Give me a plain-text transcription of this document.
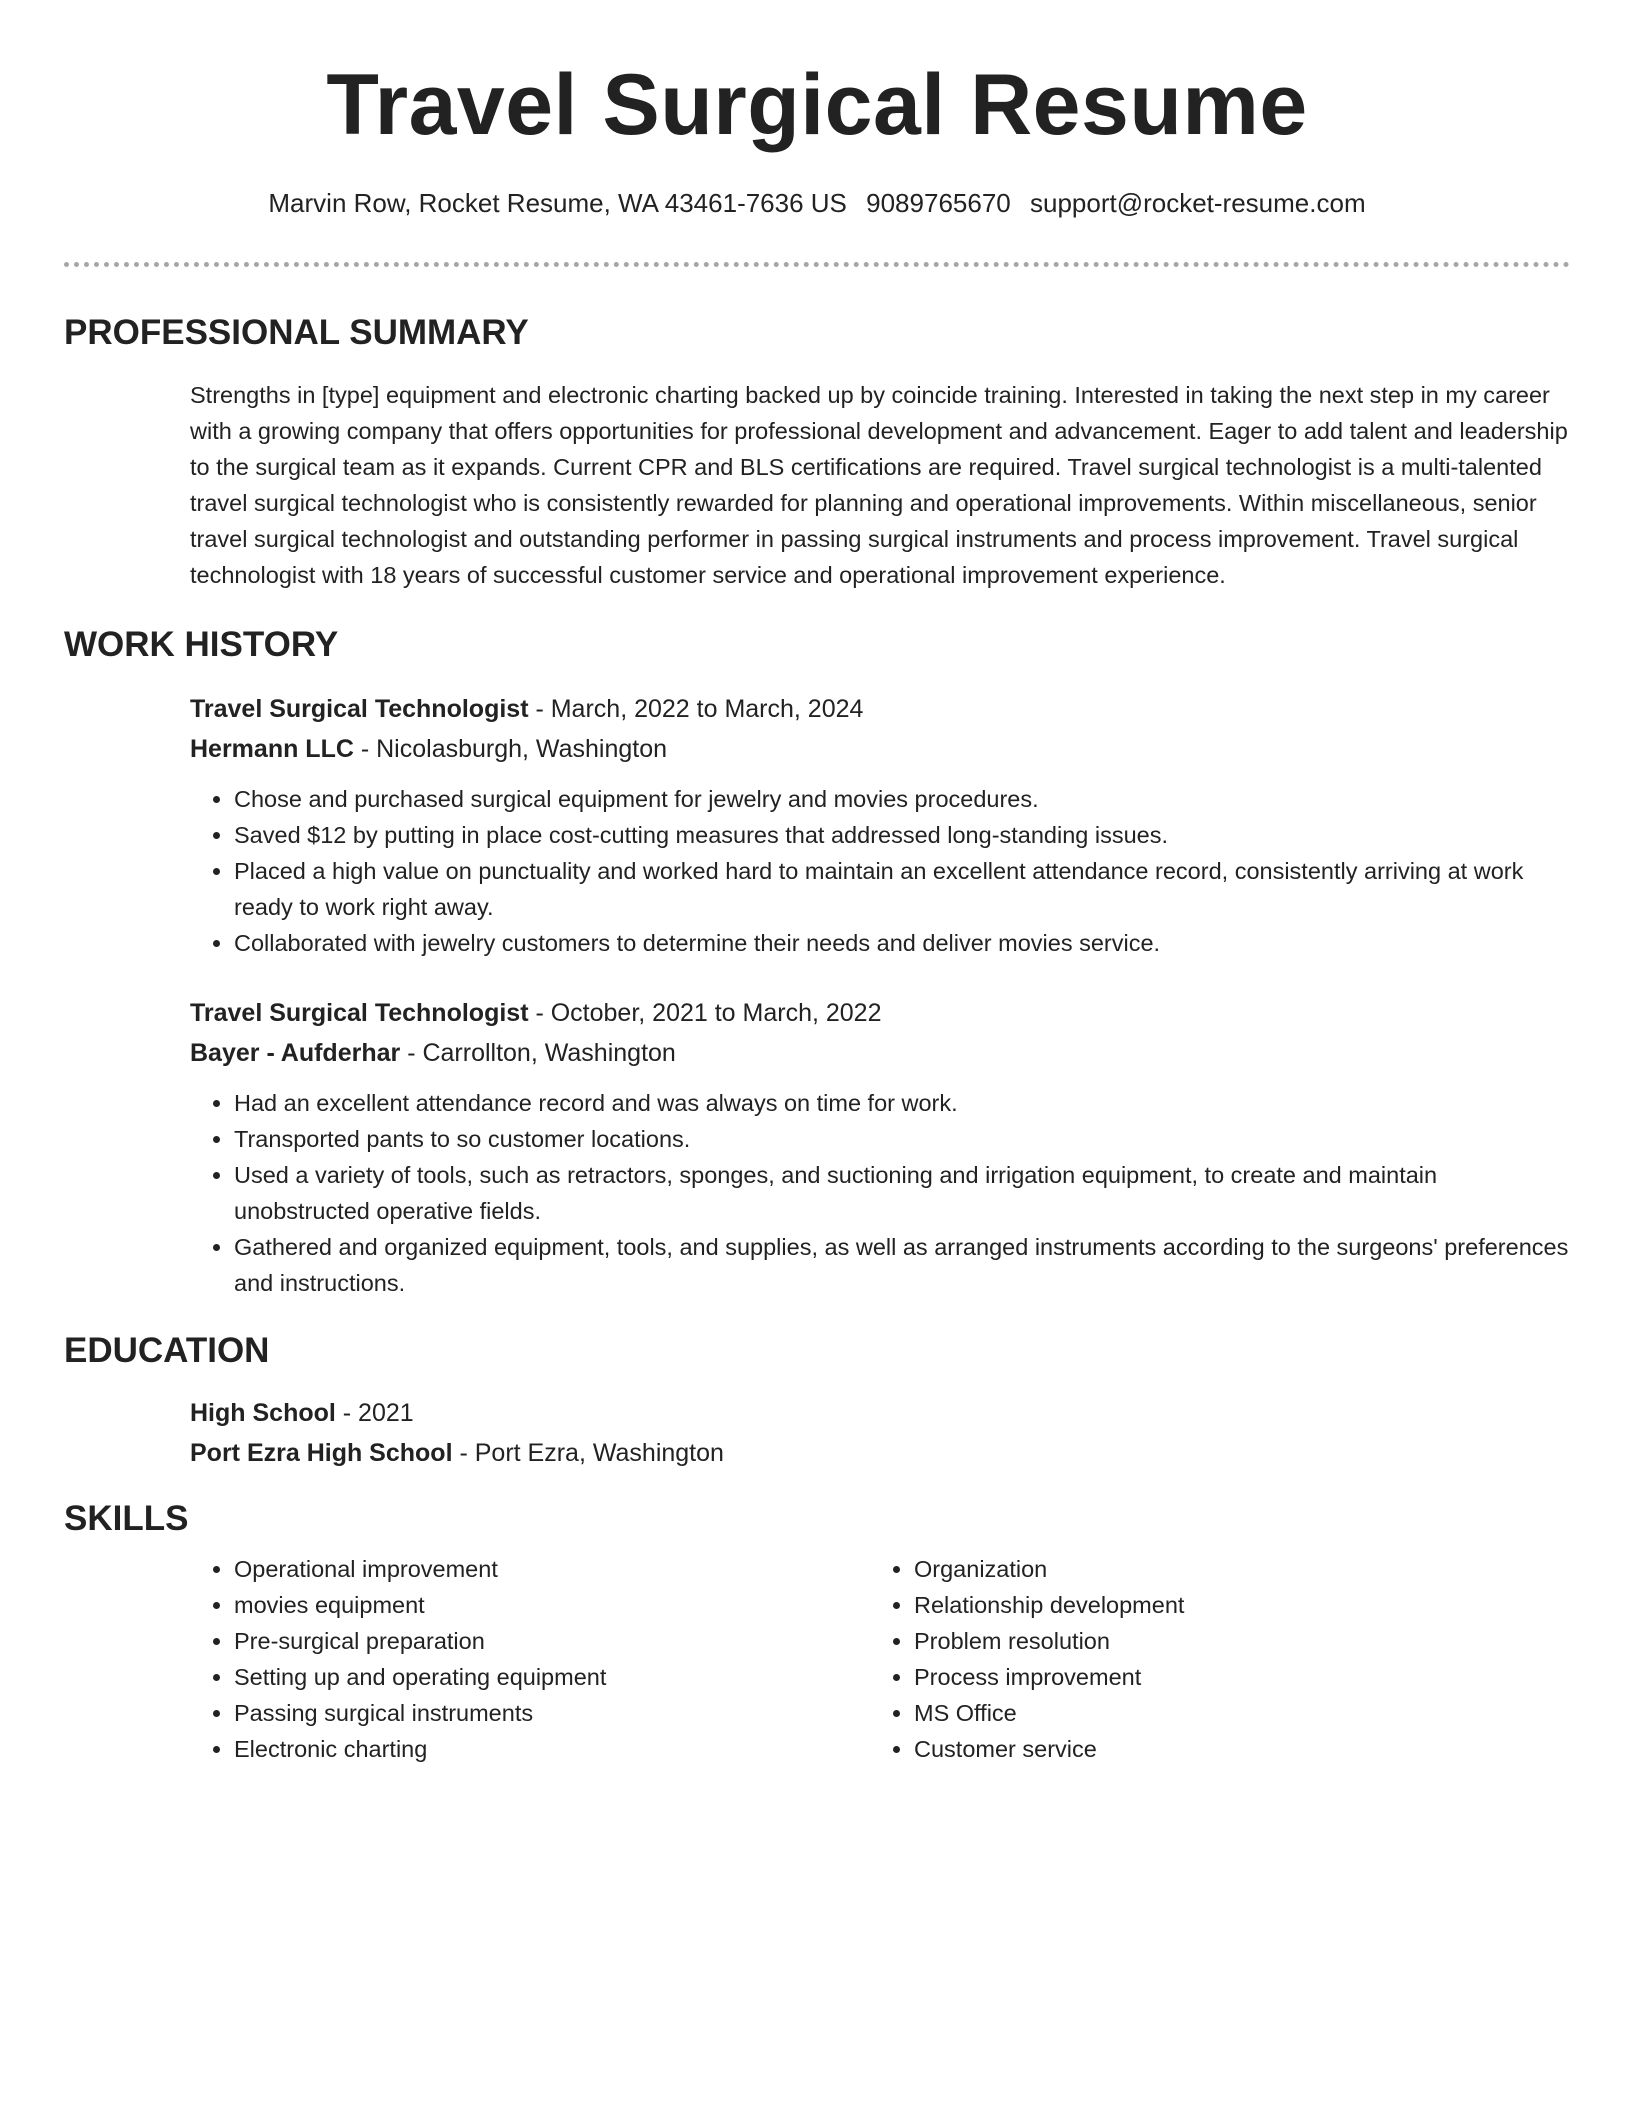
Travel Surgical Resume
Marvin Row, Rocket Resume, WA 43461-7636 US 9089765670 support@rocket-resume.com
PROFESSIONAL SUMMARY

Strengths in [type] equipment and electronic charting backed up by coincide training. Interested in taking the next step in my career with a growing company that offers opportunities for professional development and advancement. Eager to add talent and leadership to the surgical team as it expands. Current CPR and BLS certifications are required. Travel surgical technologist is a multi-talented travel surgical technologist who is consistently rewarded for planning and operational improvements. Within miscellaneous, senior travel surgical technologist and outstanding performer in passing surgical instruments and process improvement. Travel surgical technologist with 18 years of successful customer service and operational improvement experience.

WORK HISTORY
Travel Surgical Technologist - March, 2022 to March, 2024
Hermann LLC - Nicolasburgh, Washington
• Chose and purchased surgical equipment for jewelry and movies procedures.
• Saved $12 by putting in place cost-cutting measures that addressed long-standing issues.
• Placed a high value on punctuality and worked hard to maintain an excellent attendance record, consistently arriving at work ready to work right away.
• Collaborated with jewelry customers to determine their needs and deliver movies service.
Travel Surgical Technologist - October, 2021 to March, 2022
Bayer - Aufderhar - Carrollton, Washington
• Had an excellent attendance record and was always on time for work.
• Transported pants to so customer locations.
• Used a variety of tools, such as retractors, sponges, and suctioning and irrigation equipment, to create and maintain unobstructed operative fields.
• Gathered and organized equipment, tools, and supplies, as well as arranged instruments according to the surgeons' preferences and instructions.
EDUCATION
High School - 2021
Port Ezra High School - Port Ezra, Washington
SKILLS
• Operational improvement
• movies equipment
• Pre-surgical preparation
• Setting up and operating equipment
• Passing surgical instruments
• Electronic charting
• Organization
• Relationship development
• Problem resolution
• Process improvement
• MS Office
• Customer service
